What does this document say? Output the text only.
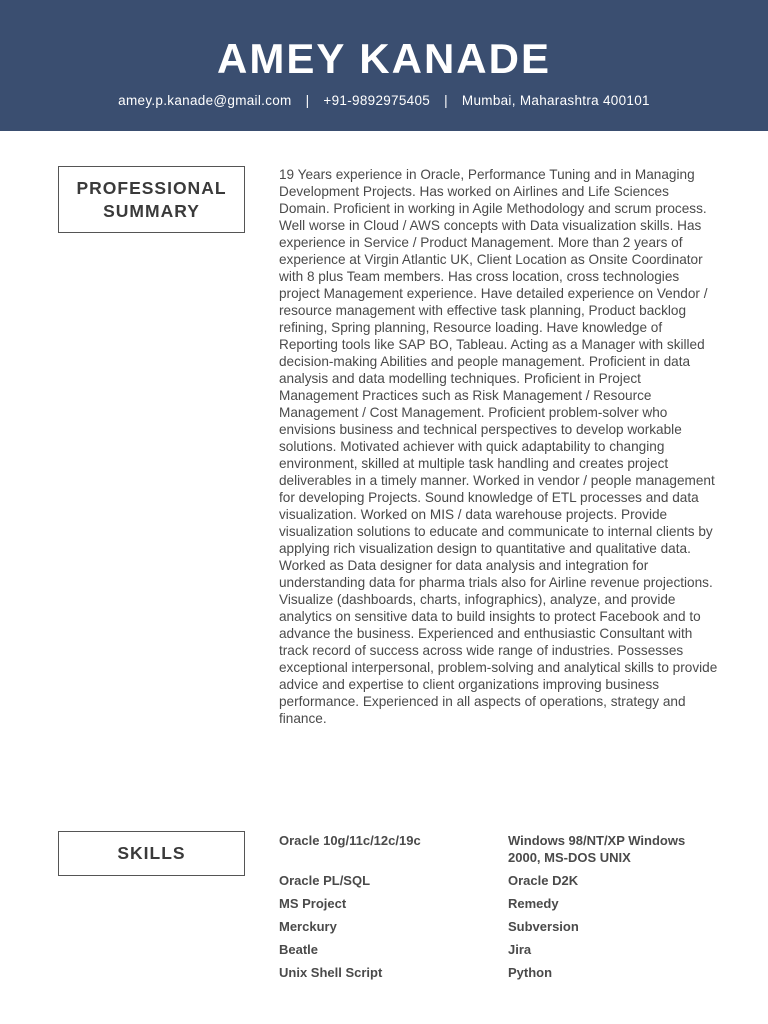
AMEY KANADE
amey.p.kanade@gmail.com | +91-9892975405 | Mumbai, Maharashtra 400101
PROFESSIONAL
SUMMARY

19 Years experience in Oracle, Performance Tuning and in Managing Development Projects. Has worked on Airlines and Life Sciences Domain. Proficient in working in Agile Methodology and scrum process. Well worse in Cloud / AWS concepts with Data visualization skills. Has experience in Service / Product Management. More than 2 years of experience at Virgin Atlantic UK, Client Location as Onsite Coordinator with 8 plus Team members. Has cross location, cross technologies project Management experience. Have detailed experience on Vendor / resource management with effective task planning, Product backlog refining, Spring planning, Resource loading. Have knowledge of Reporting tools like SAP BO, Tableau. Acting as a Manager with skilled decision-making Abilities and people management. Proficient in data analysis and data modelling techniques. Proficient in Project Management Practices such as Risk Management / Resource Management / Cost Management. Proficient problem-solver who envisions business and technical perspectives to develop workable solutions. Motivated achiever with quick adaptability to changing environment, skilled at multiple task handling and creates project deliverables in a timely manner. Worked in vendor / people management for developing Projects. Sound knowledge of ETL processes and data visualization. Worked on MIS / data warehouse projects. Provide visualization solutions to educate and communicate to internal clients by applying rich visualization design to quantitative and qualitative data. Worked as Data designer for data analysis and integration for understanding data for pharma trials also for Airline revenue projections. Visualize (dashboards, charts, infographics), analyze, and provide analytics on sensitive data to build insights to protect Facebook and to advance the business. Experienced and enthusiastic Consultant with track record of success across wide range of industries. Possesses exceptional interpersonal, problem-solving and analytical skills to provide advice and expertise to client organizations improving business performance. Experienced in all aspects of operations, strategy and finance.

SKILLS
Oracle 10g/11c/12c/19c	Windows 98/NT/XP Windows 2000, MS-DOS UNIX
Oracle PL/SQL	Oracle D2K
MS Project	Remedy
Merckury	Subversion
Beatle	Jira
Unix Shell Script	Python
